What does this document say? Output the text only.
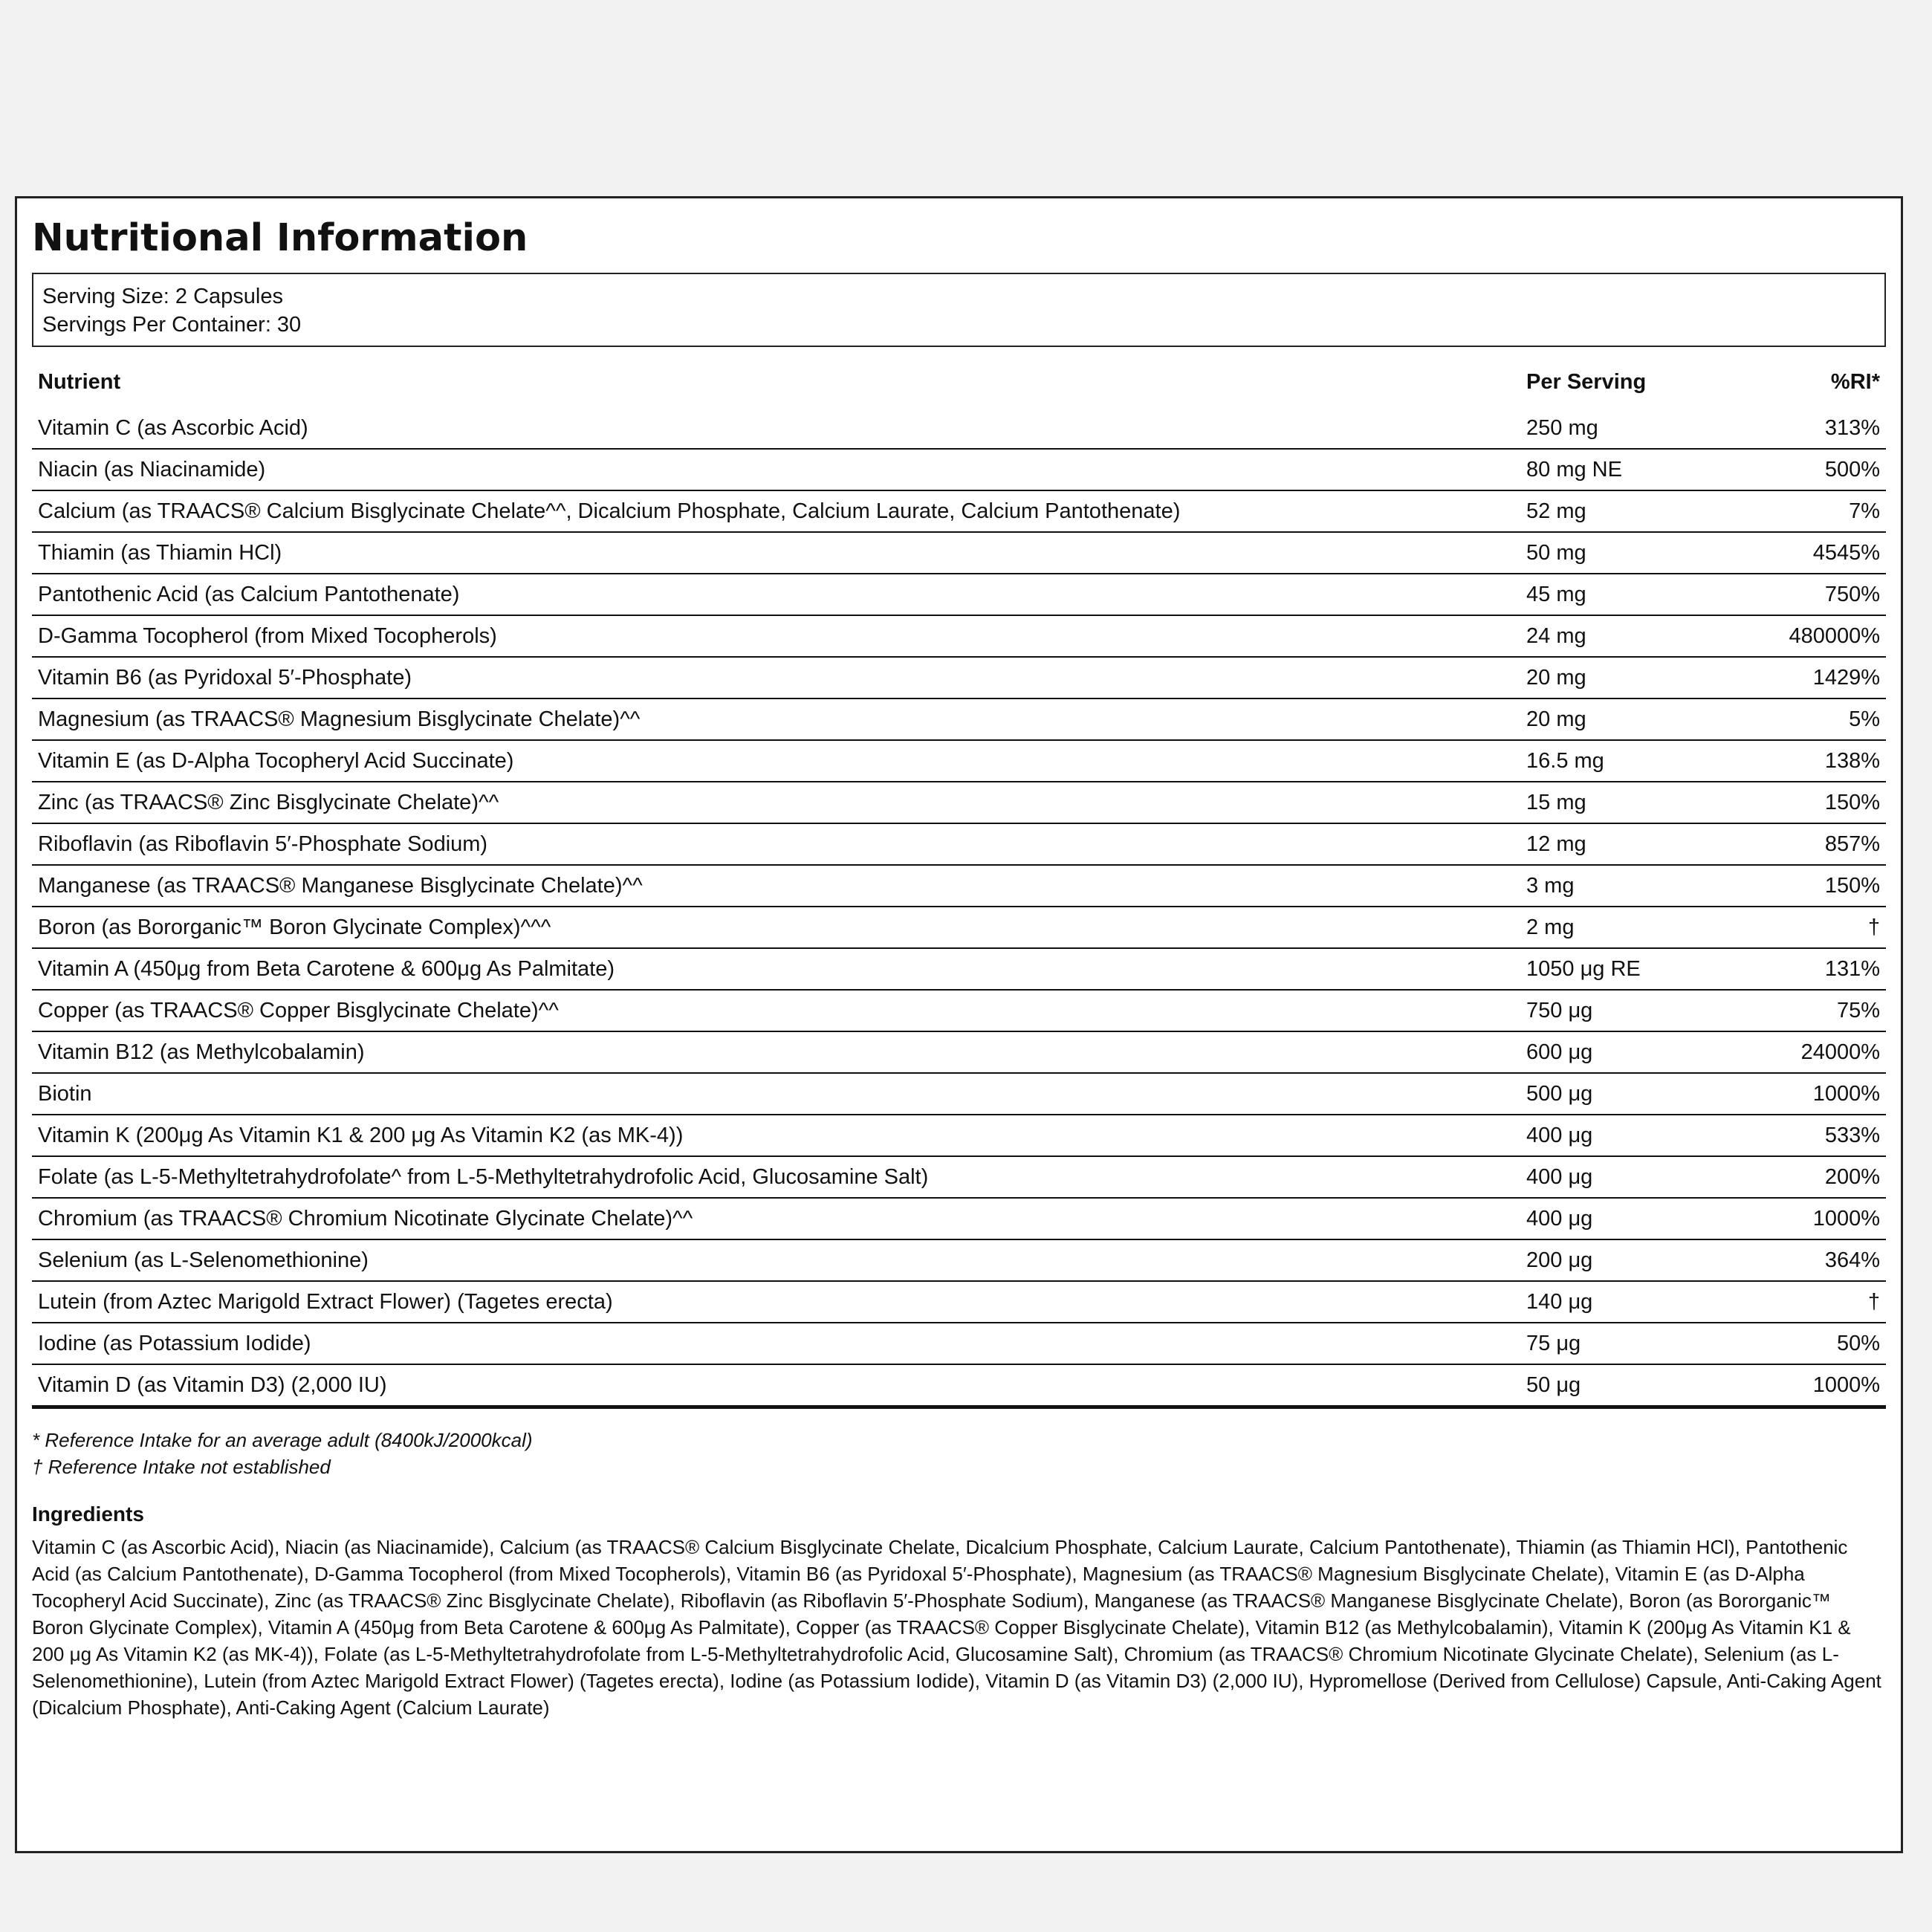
Nutritional Information
Serving Size: 2 Capsules
Servings Per Container: 30
Nutrient	Per Serving	%RI*
Vitamin C (as Ascorbic Acid)	250 mg	313%
Niacin (as Niacinamide)	80 mg NE	500%
Calcium (as TRAACS® Calcium Bisglycinate Chelate^^, Dicalcium Phosphate, Calcium Laurate, Calcium Pantothenate)	52 mg	7%
Thiamin (as Thiamin HCl)	50 mg	4545%
Pantothenic Acid (as Calcium Pantothenate)	45 mg	750%
D-Gamma Tocopherol (from Mixed Tocopherols)	24 mg	480000%
Vitamin B6 (as Pyridoxal 5′-Phosphate)	20 mg	1429%
Magnesium (as TRAACS® Magnesium Bisglycinate Chelate)^^	20 mg	5%
Vitamin E (as D-Alpha Tocopheryl Acid Succinate)	16.5 mg	138%
Zinc (as TRAACS® Zinc Bisglycinate Chelate)^^	15 mg	150%
Riboflavin (as Riboflavin 5′-Phosphate Sodium)	12 mg	857%
Manganese (as TRAACS® Manganese Bisglycinate Chelate)^^	3 mg	150%
Boron (as Bororganic™ Boron Glycinate Complex)^^^	2 mg	†
Vitamin A (450μg from Beta Carotene & 600μg As Palmitate)	1050 μg RE	131%
Copper (as TRAACS® Copper Bisglycinate Chelate)^^	750 μg	75%
Vitamin B12 (as Methylcobalamin)	600 μg	24000%
Biotin	500 μg	1000%
Vitamin K (200μg As Vitamin K1 & 200 μg As Vitamin K2 (as MK-4))	400 μg	533%
Folate (as L-5-Methyltetrahydrofolate^ from L-5-Methyltetrahydrofolic Acid, Glucosamine Salt)	400 μg	200%
Chromium (as TRAACS® Chromium Nicotinate Glycinate Chelate)^^	400 μg	1000%
Selenium (as L-Selenomethionine)	200 μg	364%
Lutein (from Aztec Marigold Extract Flower) (Tagetes erecta)	140 μg	†
Iodine (as Potassium Iodide)	75 μg	50%
Vitamin D (as Vitamin D3) (2,000 IU)	50 μg	1000%
* Reference Intake for an average adult (8400kJ/2000kcal)
† Reference Intake not established
Ingredients
Vitamin C (as Ascorbic Acid), Niacin (as Niacinamide), Calcium (as TRAACS® Calcium Bisglycinate Chelate, Dicalcium Phosphate, Calcium Laurate, Calcium Pantothenate), Thiamin (as Thiamin HCl), Pantothenic Acid (as Calcium Pantothenate), D-Gamma Tocopherol (from Mixed Tocopherols), Vitamin B6 (as Pyridoxal 5′-Phosphate), Magnesium (as TRAACS® Magnesium Bisglycinate Chelate), Vitamin E (as D-Alpha Tocopheryl Acid Succinate), Zinc (as TRAACS® Zinc Bisglycinate Chelate), Riboflavin (as Riboflavin 5′-Phosphate Sodium), Manganese (as TRAACS® Manganese Bisglycinate Chelate), Boron (as Bororganic™ Boron Glycinate Complex), Vitamin A (450μg from Beta Carotene & 600μg As Palmitate), Copper (as TRAACS® Copper Bisglycinate Chelate), Vitamin B12 (as Methylcobalamin), Vitamin K (200μg As Vitamin K1 & 200 μg As Vitamin K2 (as MK-4)), Folate (as L-5-Methyltetrahydrofolate from L-5-Methyltetrahydrofolic Acid, Glucosamine Salt), Chromium (as TRAACS® Chromium Nicotinate Glycinate Chelate), Selenium (as L-Selenomethionine), Lutein (from Aztec Marigold Extract Flower) (Tagetes erecta), Iodine (as Potassium Iodide), Vitamin D (as Vitamin D3) (2,000 IU), Hypromellose (Derived from Cellulose) Capsule, Anti-Caking Agent (Dicalcium Phosphate), Anti-Caking Agent (Calcium Laurate)
